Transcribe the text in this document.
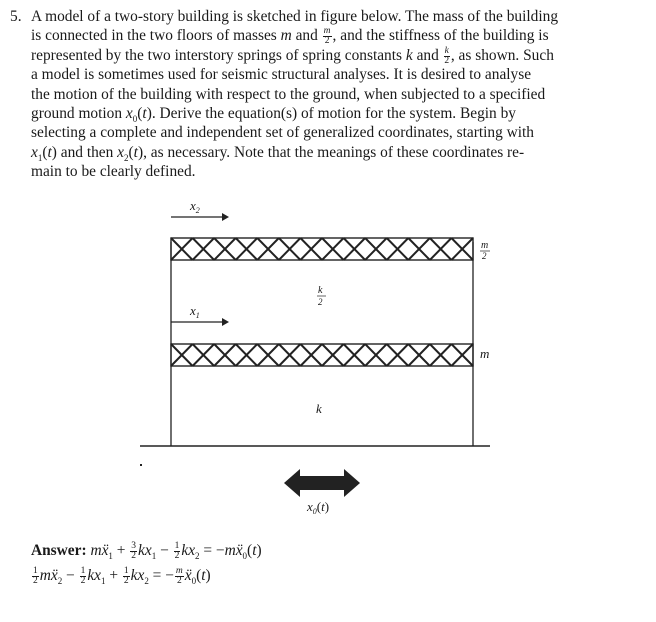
5. A model of a two-story building is sketched in figure below. The mass of the building
is connected in the two floors of masses m and $\frac{m}{2}$ , and the stiffness of the building is
represented by the two interstory springs of spring constants k and $\frac{k}{2}$ , as shown. Such
a model is sometimes used for seismic structural analyses. It is desired to analyse
the motion of the building with respect to the ground, when subjected to a specified
ground motion $x_0(t)$. Derive the equation(s) of motion for the system. Begin by
selecting a complete and independent set of generalized coordinates, starting with
$x_1(t)$ and then $x_2(t)$, as necessary. Note that the meanings of these coordinates re-
main to be clearly defined.
$x_2$
$x_1$
m
2
k
2
m
k
$x_0(t)$
Answer: mẍ$_1$ + $\frac{3}{2} kx_1 - \frac{1}{2} kx_2$ = −mẍ$_0$(t)
$\frac{1}{2}$ mẍ$_2$ − $\frac{1}{2} kx_1 + \frac{1}{2} kx_2$ = − $\frac{m}{2}$ ẍ$_0$(t)
